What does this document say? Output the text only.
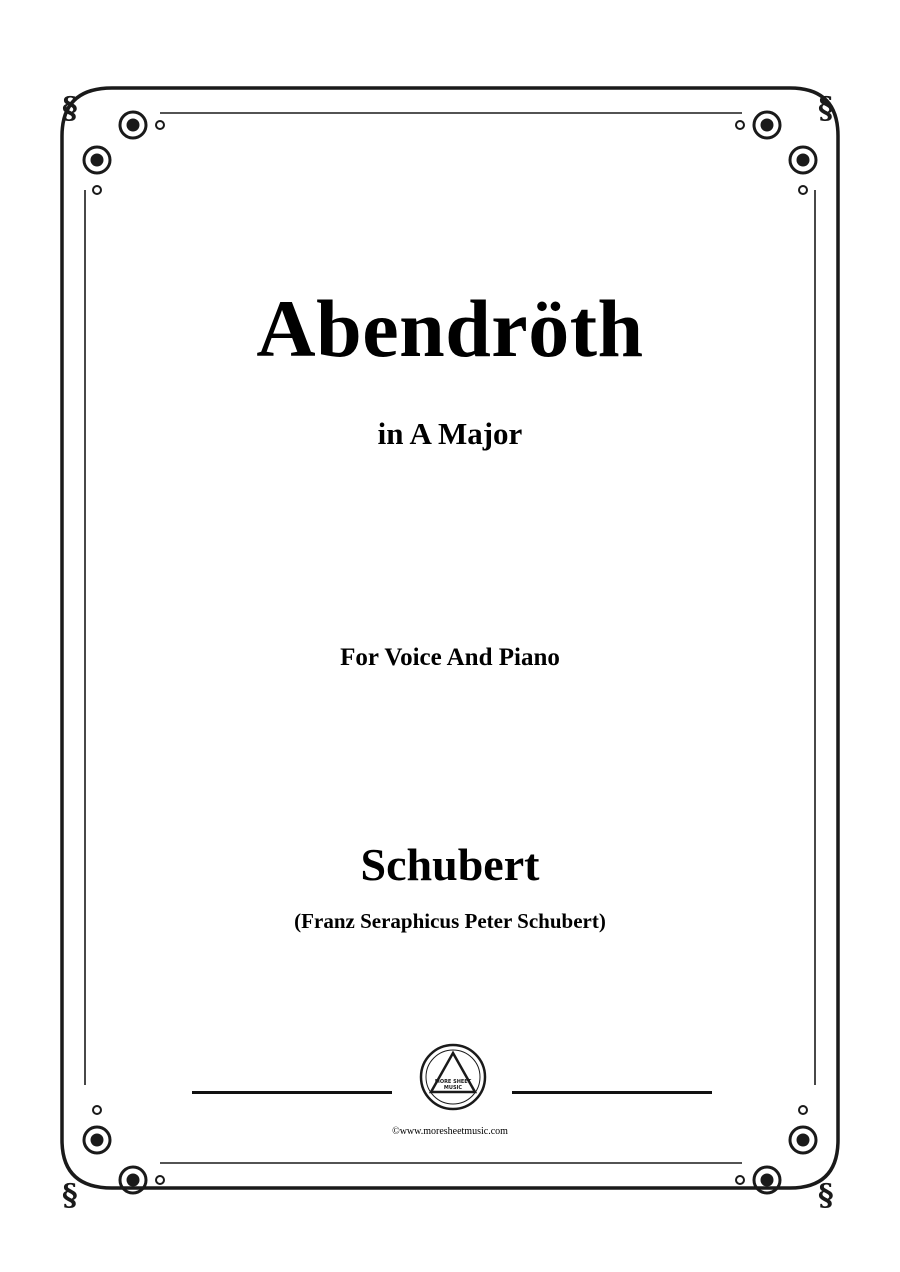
§	§
§	§
Abendröth
in A Major
For Voice And Piano
Schubert
(Franz Seraphicus Peter Schubert)
MORE SHEET
MUSIC
©www.moresheetmusic.com
